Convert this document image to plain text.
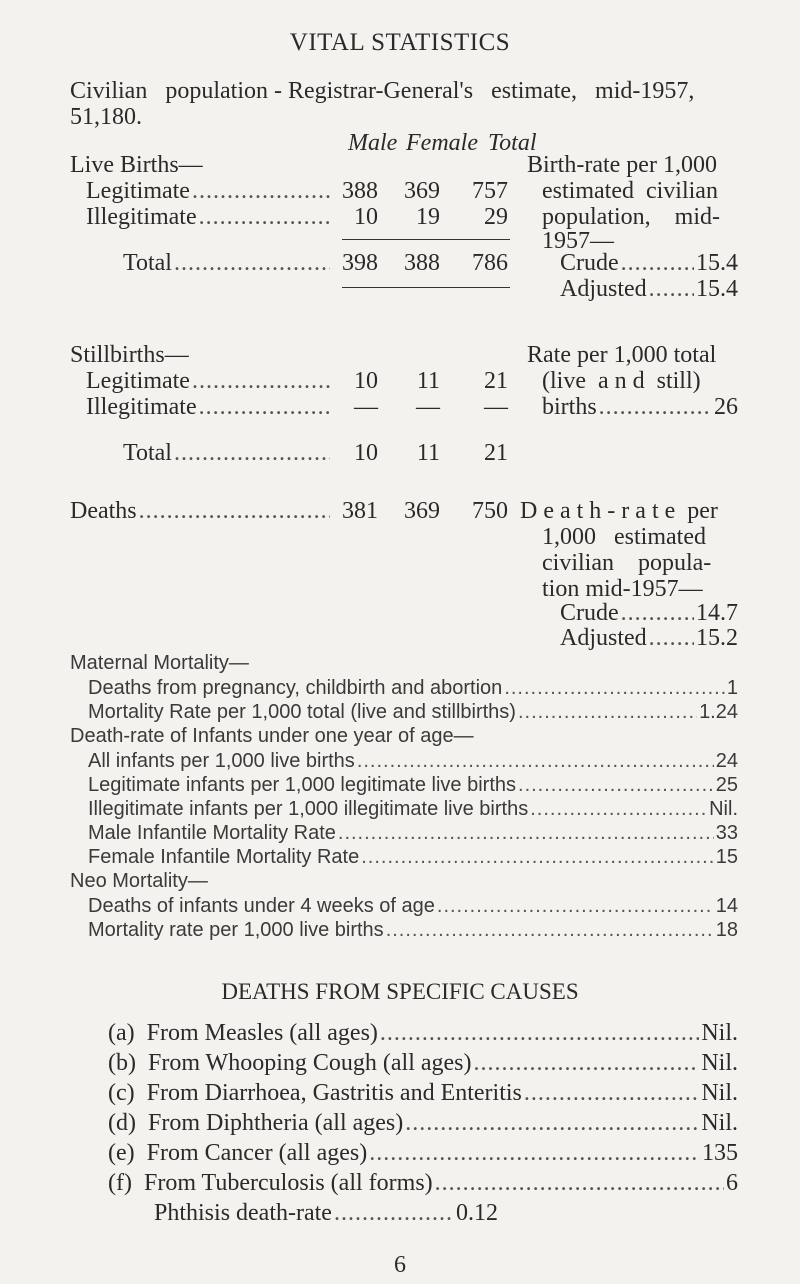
VITAL STATISTICS
Civilian   population - Registrar-General's   estimate,   mid-1957,
51,180.
Male Female Total
Live Births—
Legitimate .....	388	369	757
Illegitimate .....	10	19	29
Total .....	398	388	786
Birth-rate per 1,000
estimated  civilian
population,    mid-
1957—
Crude .....	15.4
Adjusted ..... 15.4
Stillbirths—
Legitimate .....	10	11	21
Illegitimate .....	—	—	—
Total .....	10	11	21
Rate per 1,000 total
(live  a n d  still)
births .....	26
Deaths .....	381	369	750 D e a t h - r a t e  per
1,000   estimated
civilian    popula-
tion mid-1957—
Crude .....	14.7
Adjusted ..... 15.2
Maternal Mortality—
Deaths from pregnancy, childbirth and abortion .....	1
Mortality Rate per 1,000 total (live and stillbirths) .....	1.24
Death-rate of Infants under one year of age—
All infants per 1,000 live births .....	24
Legitimate infants per 1,000 legitimate live births .....	25
Illegitimate infants per 1,000 illegitimate live births .....	Nil.
Male Infantile Mortality Rate .....	33
Female Infantile Mortality Rate .....	15
Neo Mortality—
Deaths of infants under 4 weeks of age .....	14
Mortality rate per 1,000 live births .....	18
DEATHS FROM SPECIFIC CAUSES
(a)  From Measles (all ages) .....	Nil.
(b)  From Whooping Cough (all ages) .....	Nil.
(c)  From Diarrhoea, Gastritis and Enteritis .....	Nil.
(d)  From Diphtheria (all ages) .....	Nil.
(e)  From Cancer (all ages) .....	135
(f)  From Tuberculosis (all forms) .....	6
Phthisis death-rate .....	0.12
6
